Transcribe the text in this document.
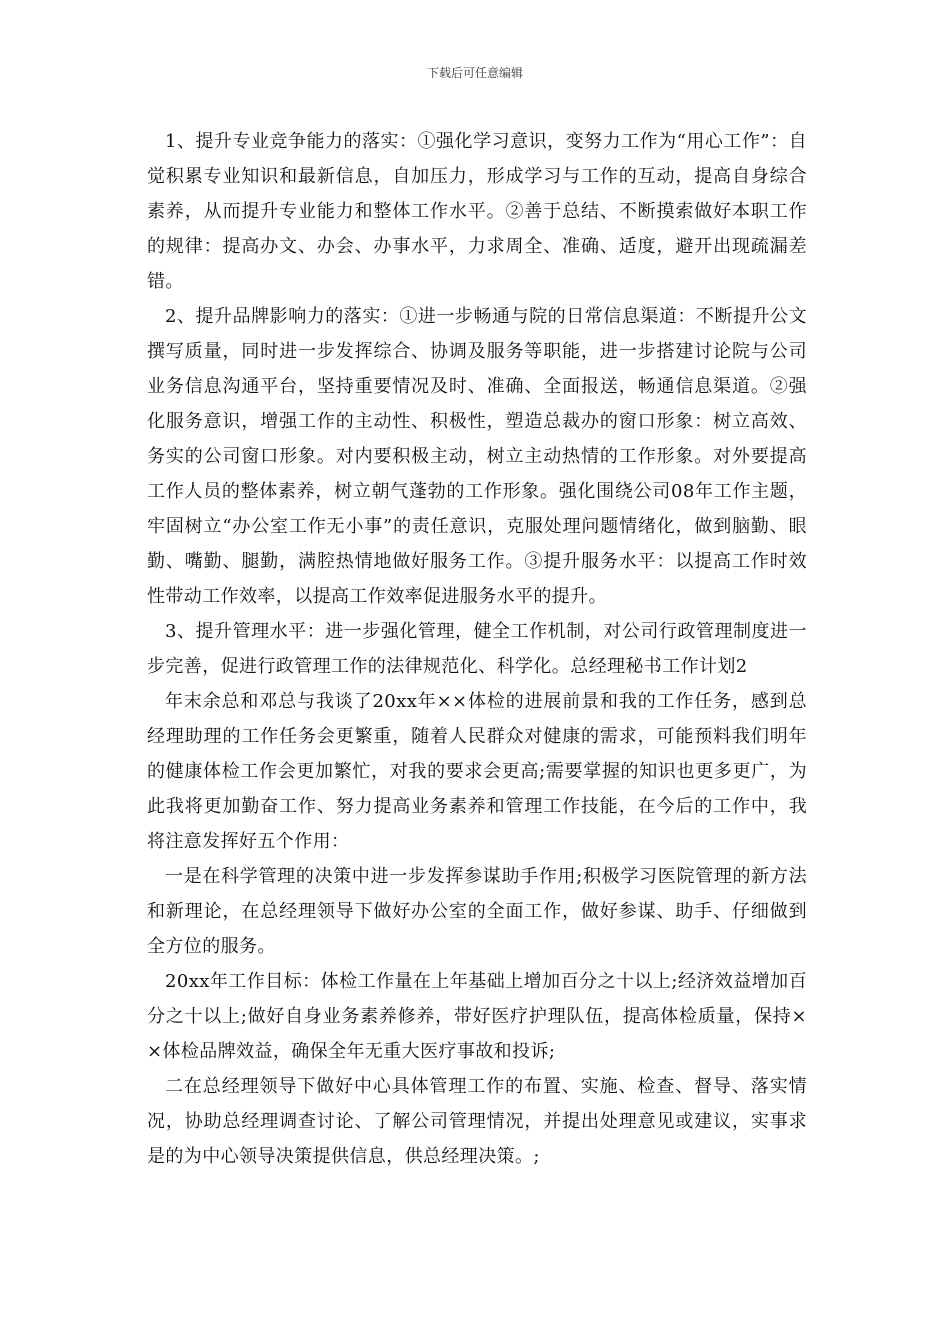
下载后可任意编辑

1、提升专业竞争能力的落实：①强化学习意识，变努力工作为“用心工作”：自觉积累专业知识和最新信息，自加压力，形成学习与工作的互动，提高自身综合素养，从而提升专业能力和整体工作水平。②善于总结、不断摸索做好本职工作的规律：提高办文、办会、办事水平，力求周全、准确、适度，避开出现疏漏差错。

2、提升品牌影响力的落实：①进一步畅通与院的日常信息渠道：不断提升公文撰写质量，同时进一步发挥综合、协调及服务等职能，进一步搭建讨论院与公司业务信息沟通平台，坚持重要情况及时、准确、全面报送，畅通信息渠道。②强化服务意识，增强工作的主动性、积极性，塑造总裁办的窗口形象：树立高效、务实的公司窗口形象。对内要积极主动，树立主动热情的工作形象。对外要提高工作人员的整体素养，树立朝气蓬勃的工作形象。强化围绕公司08年工作主题，牢固树立“办公室工作无小事”的责任意识，克服处理问题情绪化，做到脑勤、眼勤、嘴勤、腿勤，满腔热情地做好服务工作。③提升服务水平：以提高工作时效性带动工作效率，以提高工作效率促进服务水平的提升。

3、提升管理水平：进一步强化管理，健全工作机制，对公司行政管理制度进一步完善，促进行政管理工作的法律规范化、科学化。总经理秘书工作计划2

年末余总和邓总与我谈了20xx年××体检的进展前景和我的工作任务，感到总经理助理的工作任务会更繁重，随着人民群众对健康的需求，可能预料我们明年的健康体检工作会更加繁忙，对我的要求会更高;需要掌握的知识也更多更广，为此我将更加勤奋工作、努力提高业务素养和管理工作技能，在今后的工作中，我将注意发挥好五个作用：

一是在科学管理的决策中进一步发挥参谋助手作用;积极学习医院管理的新方法和新理论，在总经理领导下做好办公室的全面工作，做好参谋、助手、仔细做到全方位的服务。

20xx年工作目标：体检工作量在上年基础上增加百分之十以上;经济效益增加百分之十以上;做好自身业务素养修养，带好医疗护理队伍，提高体检质量，保持××体检品牌效益，确保全年无重大医疗事故和投诉;

二在总经理领导下做好中心具体管理工作的布置、实施、检查、督导、落实情况，协助总经理调查讨论、了解公司管理情况，并提出处理意见或建议，实事求是的为中心领导决策提供信息，供总经理决策。;
